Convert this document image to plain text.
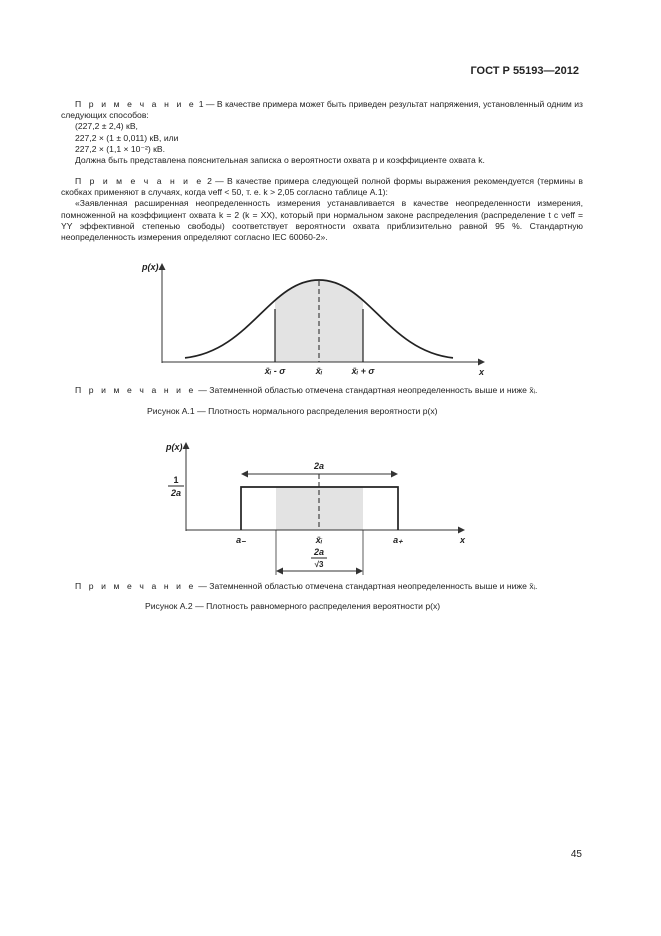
ГОСТ Р 55193—2012

П р и м е ч а н и е 1 — В качестве примера может быть приведен результат напряжения, установленный одним из следующих способов:

(227,2 ± 2,4) кВ,

227,2 × (1 ± 0,011) кВ, или

227,2 × (1,1 × 10⁻²) кВ.

Должна быть представлена пояснительная записка о вероятности охвата p и коэффициенте охвата k.

П р и м е ч а н и е 2 — В качестве примера следующей полной формы выражения рекомендуется (термины в скобках применяют в случаях, когда νeff < 50, т. е. k > 2,05 согласно таблице А.1):

«Заявленная расширенная неопределенность измерения устанавливается в качестве неопределенности измерения, помноженной на коэффициент охвата k = 2 (k = XX), который при нормальном законе распределения (распределение t с νeff = YY эффективной степенью свободы) соответствует вероятности охвата приблизительно равной 95 %. Стандартную неопределенность измерения определяют согласно IEC 60060-2».

p(x)
x
x̄ᵢ - σ	x̄ᵢ	x̄ᵢ + σ
П р и м е ч а н и е — Затемненной областью отмечена стандартная неопределенность выше и ниже x̄ᵢ.
Рисунок А.1 — Плотность нормального распределения вероятности p(x)
p(x)
x
1
2a
2a
a₋	x̄ᵢ	a₊
2a
√3
П р и м е ч а н и е — Затемненной областью отмечена стандартная неопределенность выше и ниже x̄ᵢ.
Рисунок А.2 — Плотность равномерного распределения вероятности p(x)
45
